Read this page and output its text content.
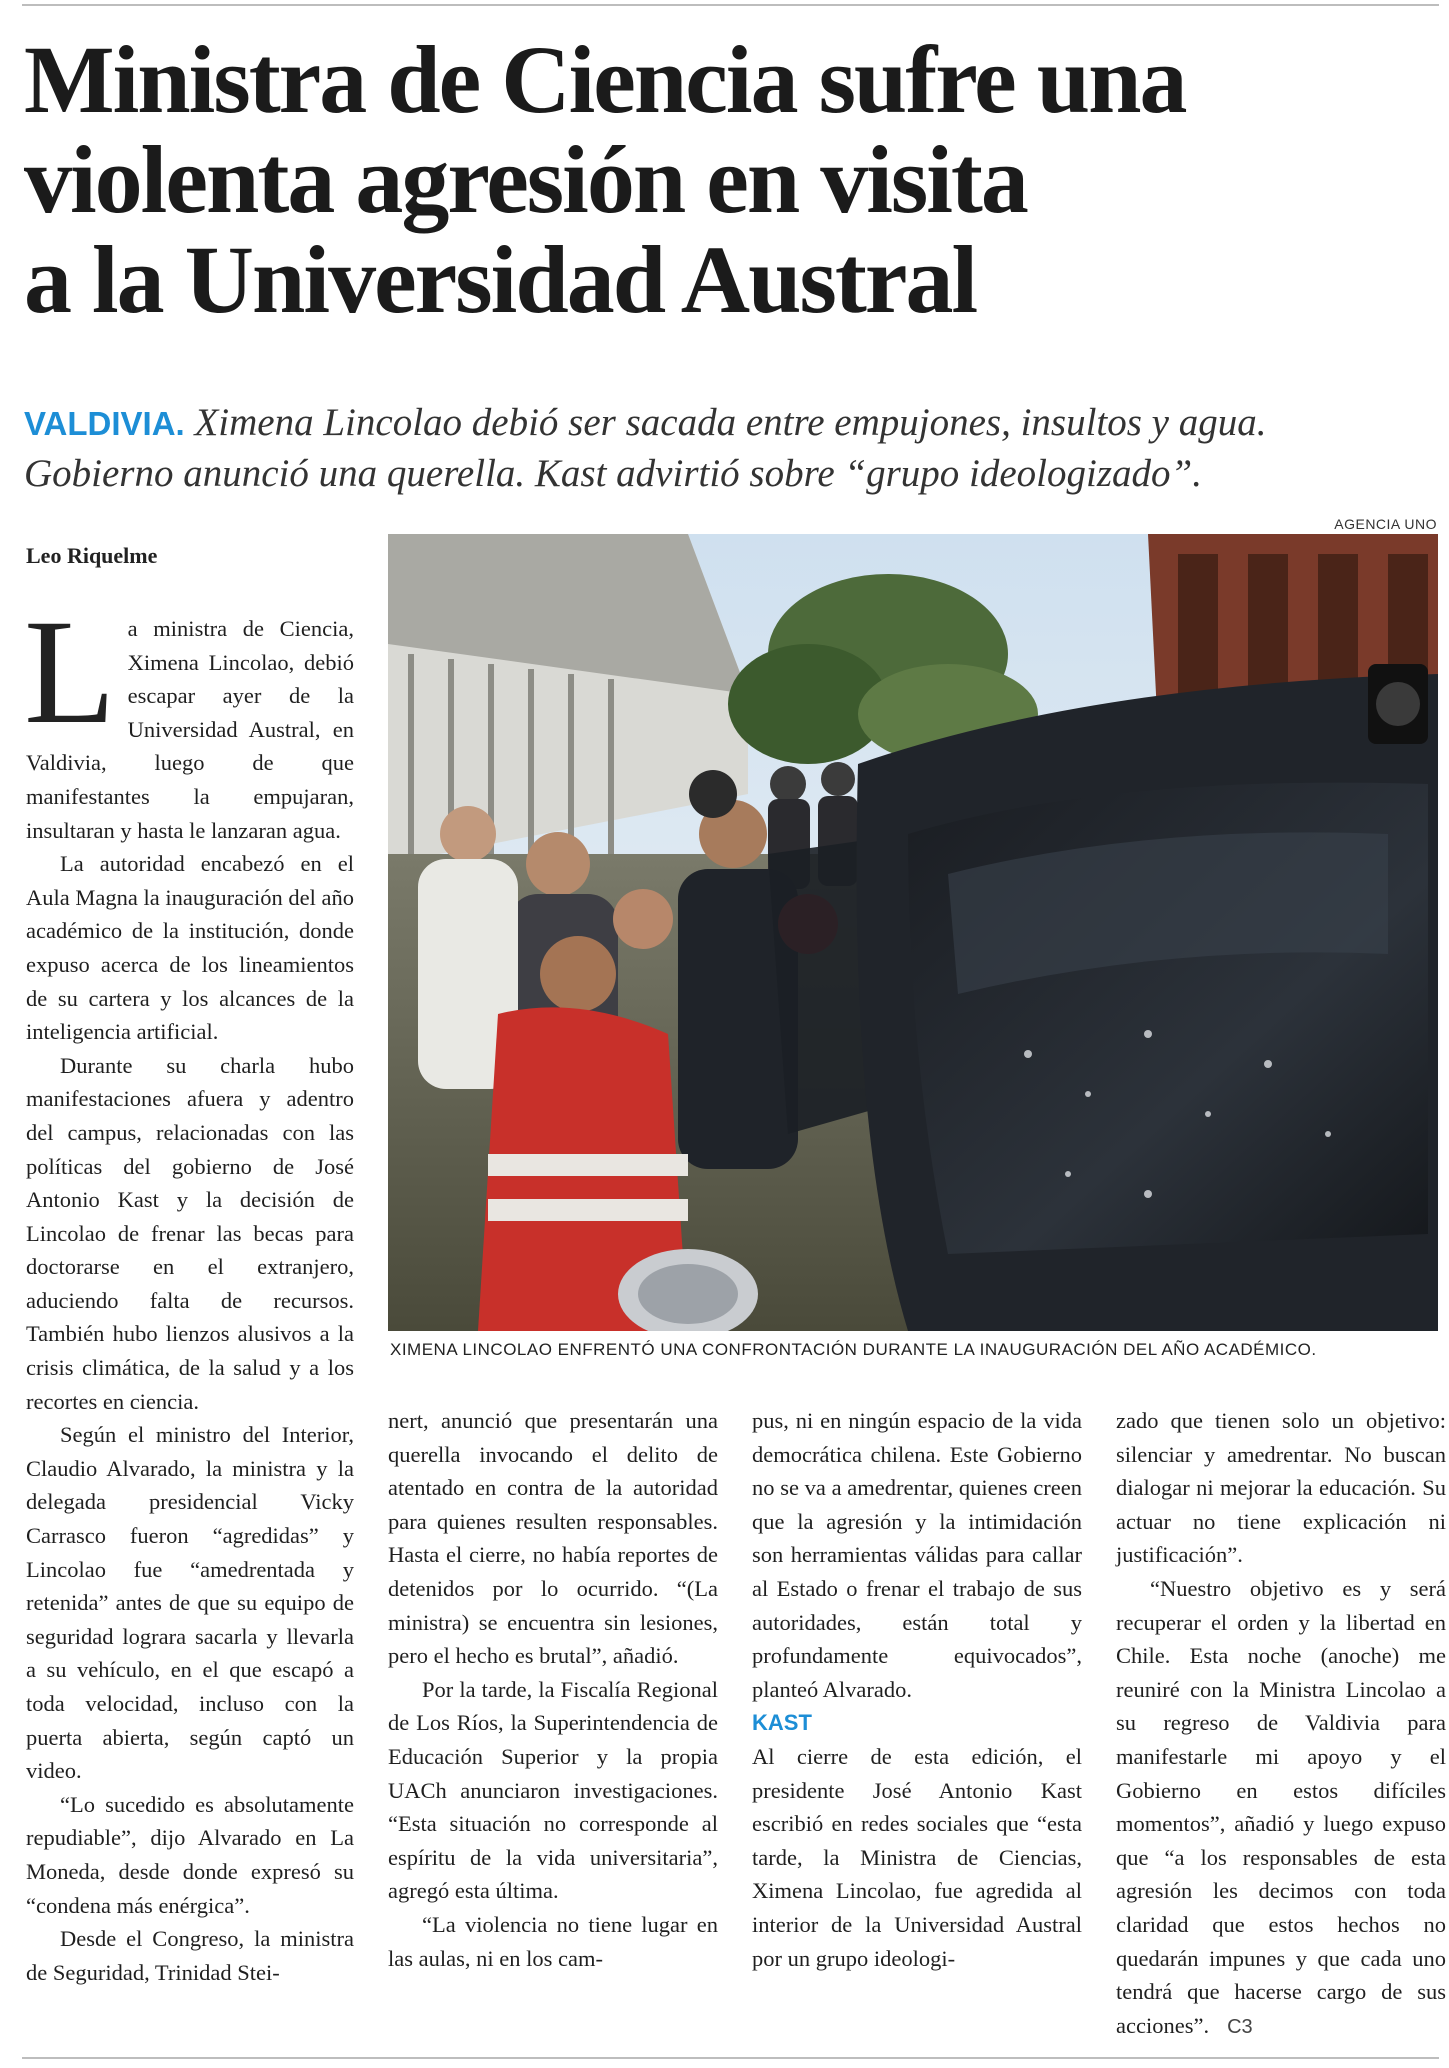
Ministra de Ciencia sufre una
violenta agresión en visita
a la Universidad Austral
VALDIVIA. Ximena Lincolao debió ser sacada entre empujones, insultos y agua.
Gobierno anunció una querella. Kast advirtió sobre “grupo ideologizado”.
Leo Riquelme
AGENCIA UNO
XIMENA LINCOLAO ENFRENTÓ UNA CONFRONTACIÓN DURANTE LA INAUGURACIÓN DEL AÑO ACADÉMICO.

La ministra de Ciencia, Ximena Lincolao, debió escapar ayer de la Universidad Austral, en Valdivia, luego de que manifestantes la empujaran, insultaran y hasta le lanzaran agua.

La autoridad encabezó en el Aula Magna la inauguración del año académico de la institución, donde expuso acerca de los lineamientos de su cartera y los alcances de la inteligencia artificial.

Durante su charla hubo manifestaciones afuera y adentro del campus, relacionadas con las políticas del gobierno de José Antonio Kast y la decisión de Lincolao de frenar las becas para doctorarse en el extranjero, aduciendo falta de recursos. También hubo lienzos alusivos a la crisis climática, de la salud y a los recortes en ciencia.

Según el ministro del Interior, Claudio Alvarado, la ministra y la delegada presidencial Vicky Carrasco fueron “agredidas” y Lincolao fue “amedrentada y retenida” antes de que su equipo de seguridad lograra sacarla y llevarla a su vehículo, en el que escapó a toda velocidad, incluso con la puerta abierta, según captó un video.

“Lo sucedido es absolutamente repudiable”, dijo Alvarado en La Moneda, desde donde expresó su “condena más enérgica”.

Desde el Congreso, la ministra de Seguridad, Trinidad Stei-

nert, anunció que presentarán una querella invocando el delito de atentado en contra de la autoridad para quienes resulten responsables. Hasta el cierre, no había reportes de detenidos por lo ocurrido. “(La ministra) se encuentra sin lesiones, pero el hecho es brutal”, añadió.

Por la tarde, la Fiscalía Regional de Los Ríos, la Superintendencia de Educación Superior y la propia UACh anunciaron investigaciones. “Esta situación no corresponde al espíritu de la vida universitaria”, agregó esta última.

“La violencia no tiene lugar en las aulas, ni en los cam-

pus, ni en ningún espacio de la vida democrática chilena. Este Gobierno no se va a amedrentar, quienes creen que la agresión y la intimidación son herramientas válidas para callar al Estado o frenar el trabajo de sus autoridades, están total y profundamente equivocados”, planteó Alvarado.

KAST

Al cierre de esta edición, el presidente José Antonio Kast escribió en redes sociales que “esta tarde, la Ministra de Ciencias, Ximena Lincolao, fue agredida al interior de la Universidad Austral por un grupo ideologi-

zado que tienen solo un objetivo: silenciar y amedrentar. No buscan dialogar ni mejorar la educación. Su actuar no tiene explicación ni justificación”.

“Nuestro objetivo es y será recuperar el orden y la libertad en Chile. Esta noche (anoche) me reuniré con la Ministra Lincolao a su regreso de Valdivia para manifestarle mi apoyo y el Gobierno en estos difíciles momentos”, añadió y luego expuso que “a los responsables de esta agresión les decimos con toda claridad que estos hechos no quedarán impunes y que cada uno tendrá que hacerse cargo de sus acciones”. C3
